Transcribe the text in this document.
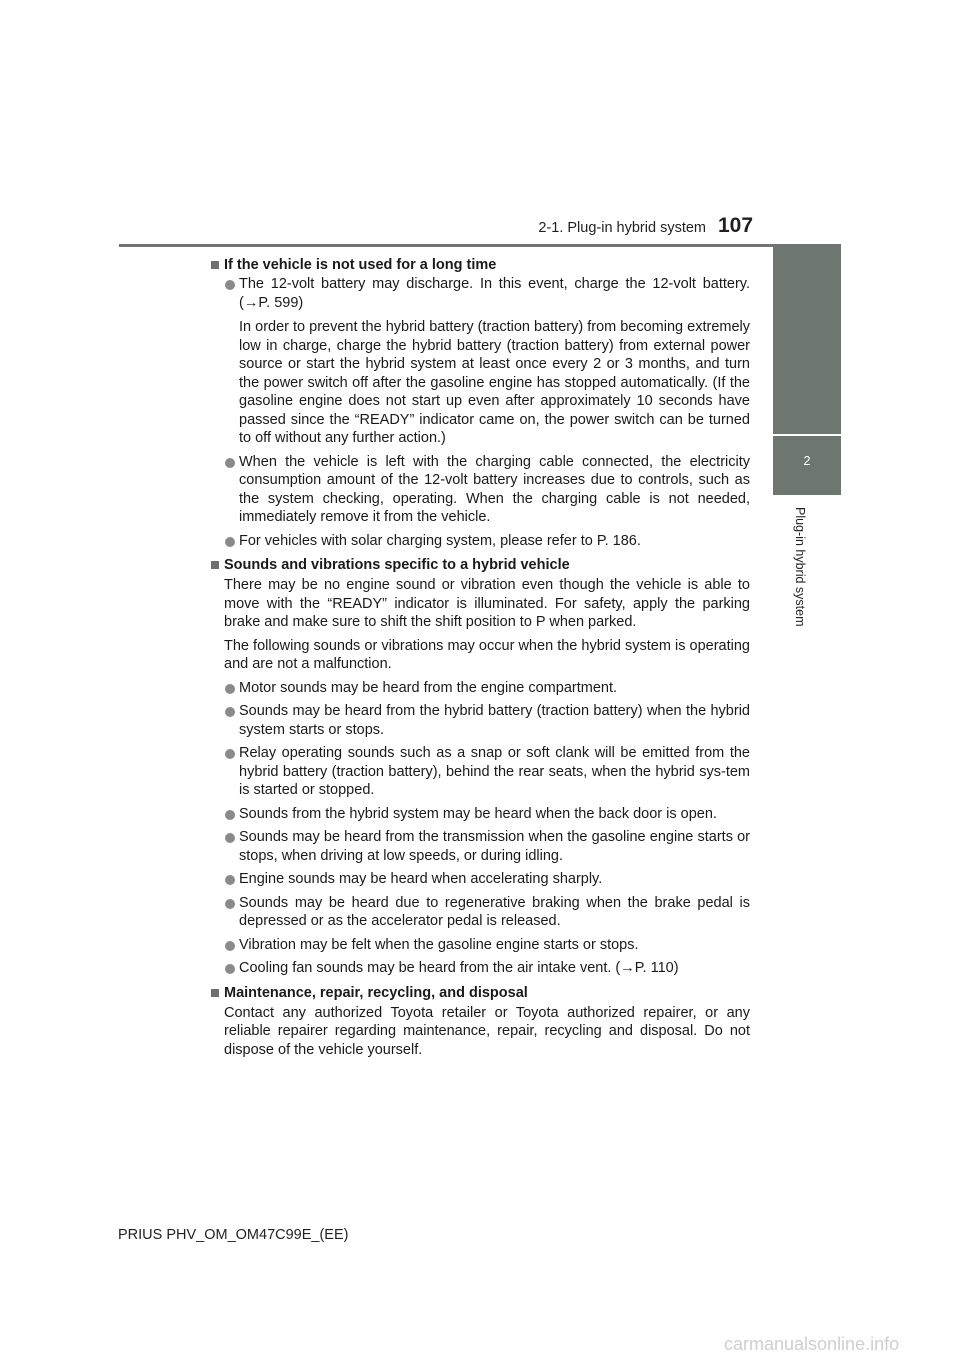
2-1. Plug-in hybrid system 107
2
Plug-in hybrid system
If the vehicle is not used for a long time
The 12-volt battery may discharge. In this event, charge the 12-volt battery. (→P. 599)
In order to prevent the hybrid battery (traction battery) from becoming extremely low in charge, charge the hybrid battery (traction battery) from external power source or start the hybrid system at least once every 2 or 3 months, and turn the power switch off after the gasoline engine has stopped automatically. (If the gasoline engine does not start up even after approximately 10 seconds have passed since the “READY” indicator came on, the power switch can be turned to off without any further action.)
When the vehicle is left with the charging cable connected, the electricity consumption amount of the 12-volt battery increases due to controls, such as the system checking, operating. When the charging cable is not needed, immediately remove it from the vehicle.
For vehicles with solar charging system, please refer to P. 186.
Sounds and vibrations specific to a hybrid vehicle
There may be no engine sound or vibration even though the vehicle is able to move with the “READY” indicator is illuminated. For safety, apply the parking brake and make sure to shift the shift position to P when parked.
The following sounds or vibrations may occur when the hybrid system is operating and are not a malfunction.
Motor sounds may be heard from the engine compartment.
Sounds may be heard from the hybrid battery (traction battery) when the hybrid system starts or stops.
Relay operating sounds such as a snap or soft clank will be emitted from the hybrid battery (traction battery), behind the rear seats, when the hybrid sys-tem is started or stopped.
Sounds from the hybrid system may be heard when the back door is open.
Sounds may be heard from the transmission when the gasoline engine starts or stops, when driving at low speeds, or during idling.
Engine sounds may be heard when accelerating sharply.
Sounds may be heard due to regenerative braking when the brake pedal is depressed or as the accelerator pedal is released.
Vibration may be felt when the gasoline engine starts or stops.
Cooling fan sounds may be heard from the air intake vent. (→P. 110)
Maintenance, repair, recycling, and disposal
Contact any authorized Toyota retailer or Toyota authorized repairer, or any reliable repairer regarding maintenance, repair, recycling and disposal. Do not dispose of the vehicle yourself.
PRIUS PHV_OM_OM47C99E_(EE)
carmanualsonline.info
